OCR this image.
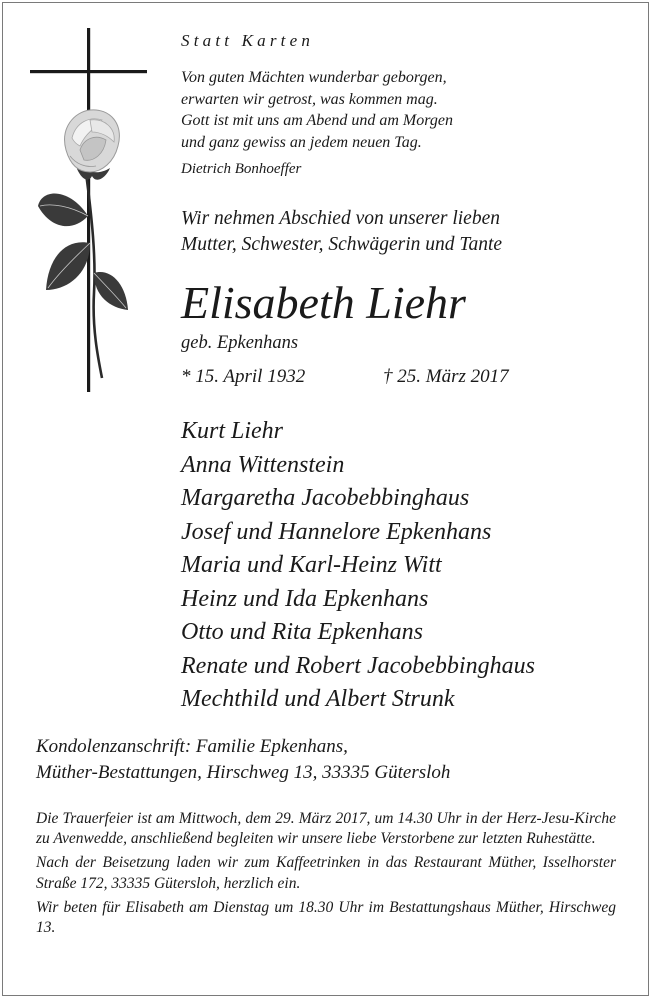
Statt Karten
Von guten Mächten wunderbar geborgen,
erwarten wir getrost, was kommen mag.
Gott ist mit uns am Abend und am Morgen
und ganz gewiss an jedem neuen Tag.
Dietrich Bonhoeffer
Wir nehmen Abschied von unserer lieben
Mutter, Schwester, Schwägerin und Tante
Elisabeth Liehr
geb. Epkenhans
* 15. April 1932	† 25. März 2017
Kurt Liehr
Anna Wittenstein
Margaretha Jacobebbinghaus
Josef und Hannelore Epkenhans
Maria und Karl-Heinz Witt
Heinz und Ida Epkenhans
Otto und Rita Epkenhans
Renate und Robert Jacobebbinghaus
Mechthild und Albert Strunk
Kondolenzanschrift: Familie Epkenhans,
Müther-Bestattungen, Hirschweg 13, 33335 Gütersloh

Die Trauerfeier ist am Mittwoch, dem 29. März 2017, um 14.30 Uhr in der Herz-Jesu-Kirche zu Avenwedde, anschließend begleiten wir unsere liebe Verstorbene zur letzten Ruhestätte.

Nach der Beisetzung laden wir zum Kaffeetrinken in das Restaurant Müther, Isselhorster Straße 172, 33335 Gütersloh, herzlich ein.

Wir beten für Elisabeth am Dienstag um 18.30 Uhr im Bestattungshaus Müther, Hirschweg 13.
